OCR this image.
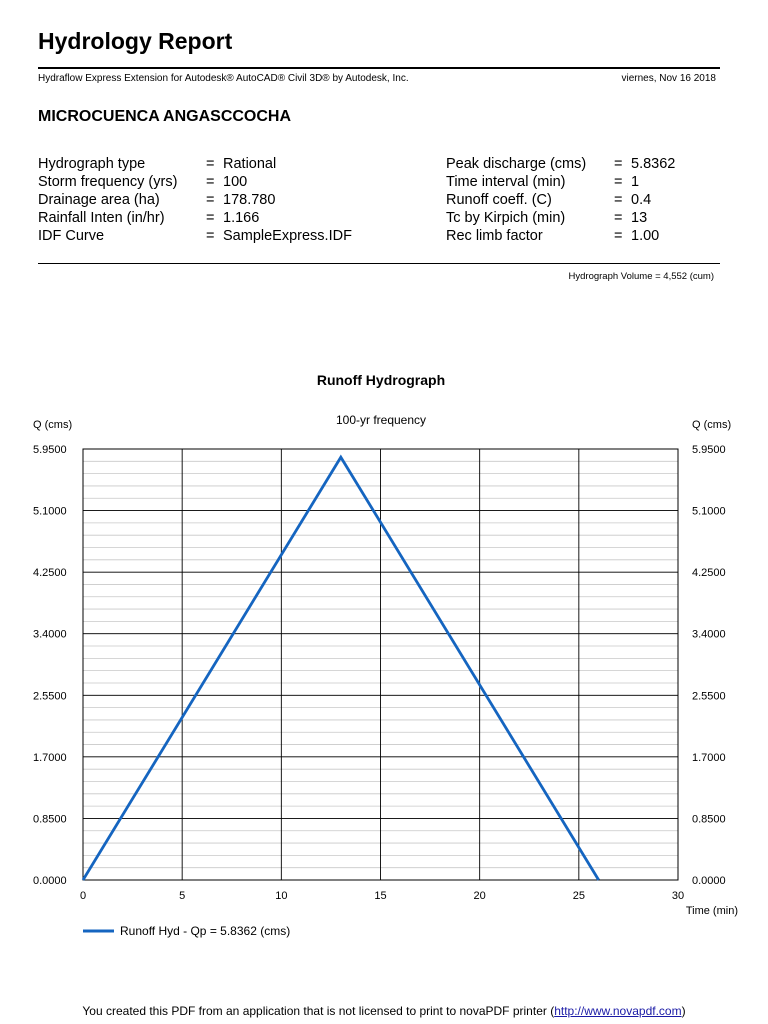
Hydrology Report
Hydraflow Express Extension for Autodesk® AutoCAD® Civil 3D® by Autodesk, Inc.	viernes, Nov 16 2018
MICROCUENCA ANGASCCOCHA
Hydrograph type	= Rational
Storm frequency (yrs) = 100
Drainage area (ha)	= 178.780
Rainfall Inten (in/hr)	= 1.166
IDF Curve	= SampleExpress.IDF
Peak discharge (cms) = 5.8362
Time interval (min)	= 1
Runoff coeff. (C)	= 0.4
Tc by Kirpich (min)	= 13
Rec limb factor	= 1.00
Hydrograph Volume = 4,552 (cum)
Runoff Hydrograph
100-yr frequency
Q (cms)	Q (cms)
Time (min)
0.0000	0.0000
0.8500	0.8500
1.7000	1.7000
2.5500	2.5500
3.4000	3.4000
4.2500	4.2500
5.1000	5.1000
5.9500	5.9500
0	5	10	15	20	25	30
Runoff Hyd - Qp = 5.8362 (cms)
You created this PDF from an application that is not licensed to print to novaPDF printer (http://www.novapdf.com)
